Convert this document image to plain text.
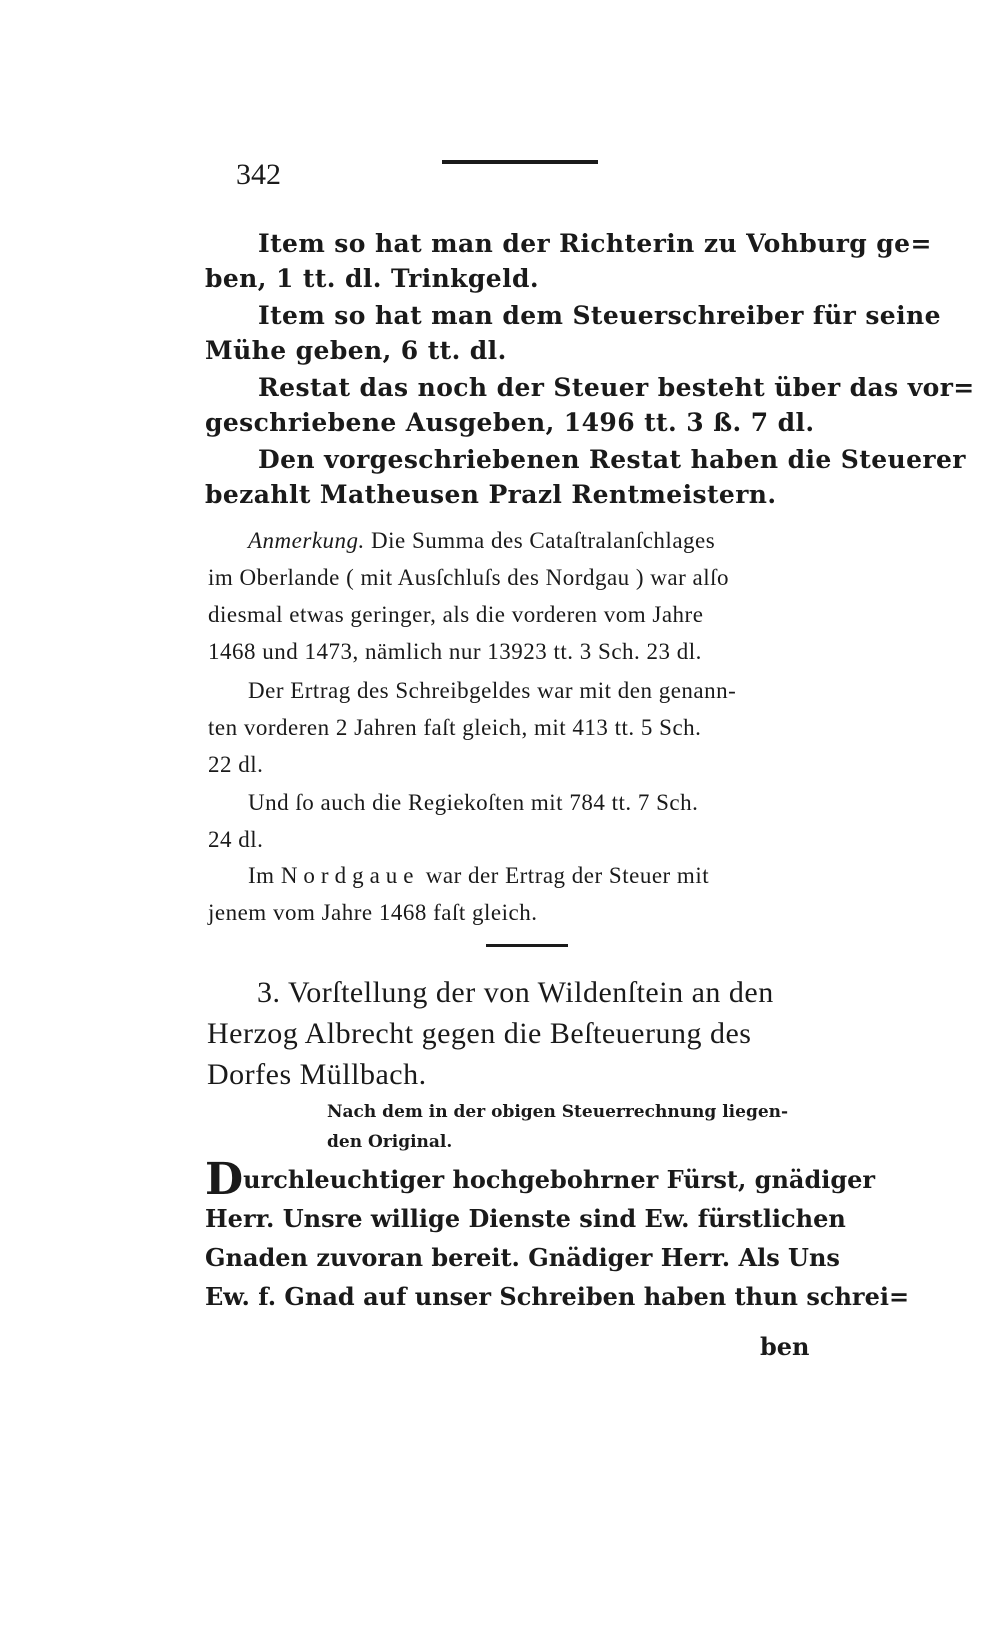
342
Item so hat man der Richterin zu Vohburg ge=
ben, 1 tt. dl. Trinkgeld.
Item so hat man dem Steuerschreiber für seine
Mühe geben, 6 tt. dl.
Restat das noch der Steuer besteht über das vor=
geschriebene Ausgeben, 1496 tt. 3 ß. 7 dl.
Den vorgeschriebenen Restat haben die Steuerer
bezahlt Matheusen Prazl Rentmeistern.
Anmerkung. Die Summa des Cataſtralanſchlages
im Oberlande ( mit Ausſchluſs des Nordgau ) war alſo
diesmal etwas geringer, als die vorderen vom Jahre
1468 und 1473, nämlich nur 13923 tt. 3 Sch. 23 dl.
Der Ertrag des Schreibgeldes war mit den genann-
ten vorderen 2 Jahren faſt gleich, mit 413 tt. 5 Sch.
22 dl.
Und ſo auch die Regiekoſten mit 784 tt. 7 Sch.
24 dl.
Im Nordgaue war der Ertrag der Steuer mit
jenem vom Jahre 1468 faſt gleich.
3. Vorſtellung der von Wildenſtein an den
Herzog Albrecht gegen die Beſteuerung des
Dorfes Müllbach.
Nach dem in der obigen Steuerrechnung liegen-
den Original.
Durchleuchtiger hochgebohrner Fürst, gnädiger
Herr. Unsre willige Dienste sind Ew. fürstlichen
Gnaden zuvoran bereit. Gnädiger Herr. Als Uns
Ew. f. Gnad auf unser Schreiben haben thun schrei=
ben
